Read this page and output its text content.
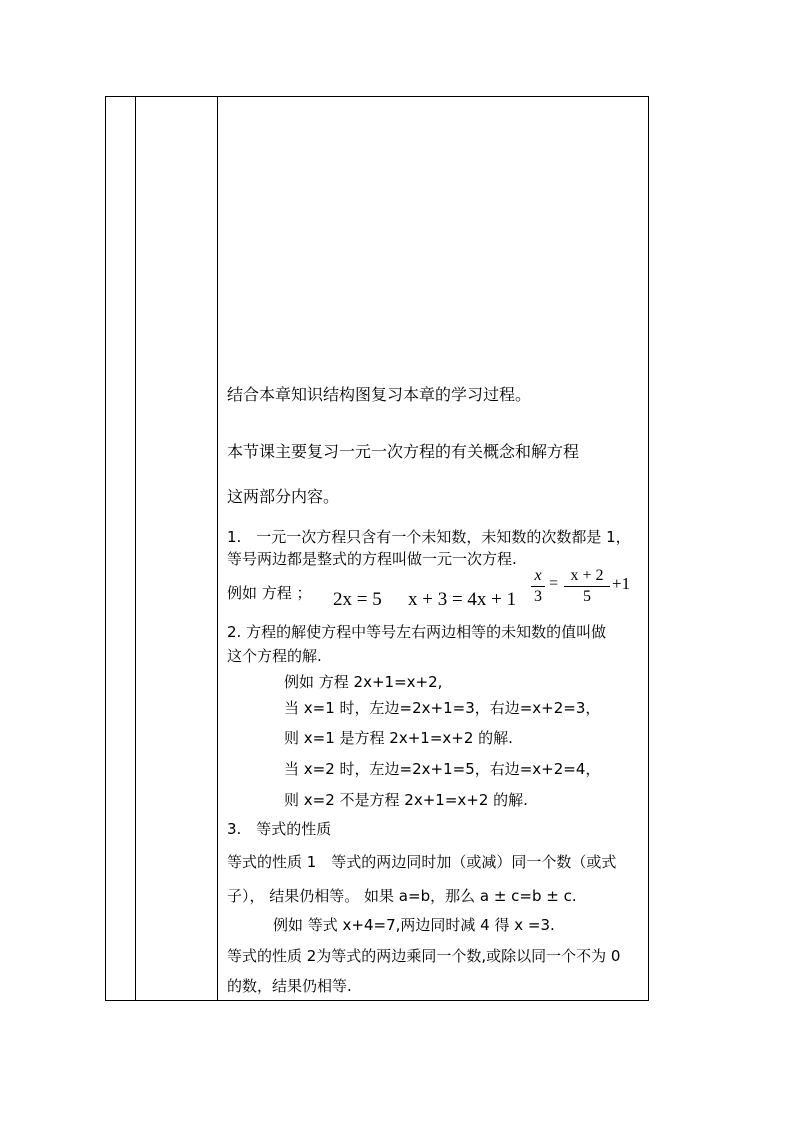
结合本章知识结构图复习本章的学习过程。
本节课主要复习一元一次方程的有关概念和解方程
这两部分内容。
1.　一元一次方程只含有一个未知数，未知数的次数都是 1，
等号两边都是整式的方程叫做一元一次方程.
例如 方程 ； 2x = 5 x + 3 = 4x + 1
x
3
= x + 2
5
+1
2. 方程的解使方程中等号左右两边相等的未知数的值叫做
这个方程的解.
例如 方程 2x+1=x+2,
当 x=1 时，左边=2x+1=3，右边=x+2=3，
则 x=1 是方程 2x+1=x+2 的解.
当 x=2 时，左边=2x+1=5，右边=x+2=4，
则 x=2 不是方程 2x+1=x+2 的解.
3.　等式的性质
等式的性质 1　等式的两边同时加（或减）同一个数（或式
子）， 结果仍相等。 如果 a=b，那么 a ± c=b ± c.
例如 等式 x+4=7,两边同时减 4 得 x =3.
等式的性质 2为等式的两边乘同一个数,或除以同一个不为 0
的数，结果仍相等.
